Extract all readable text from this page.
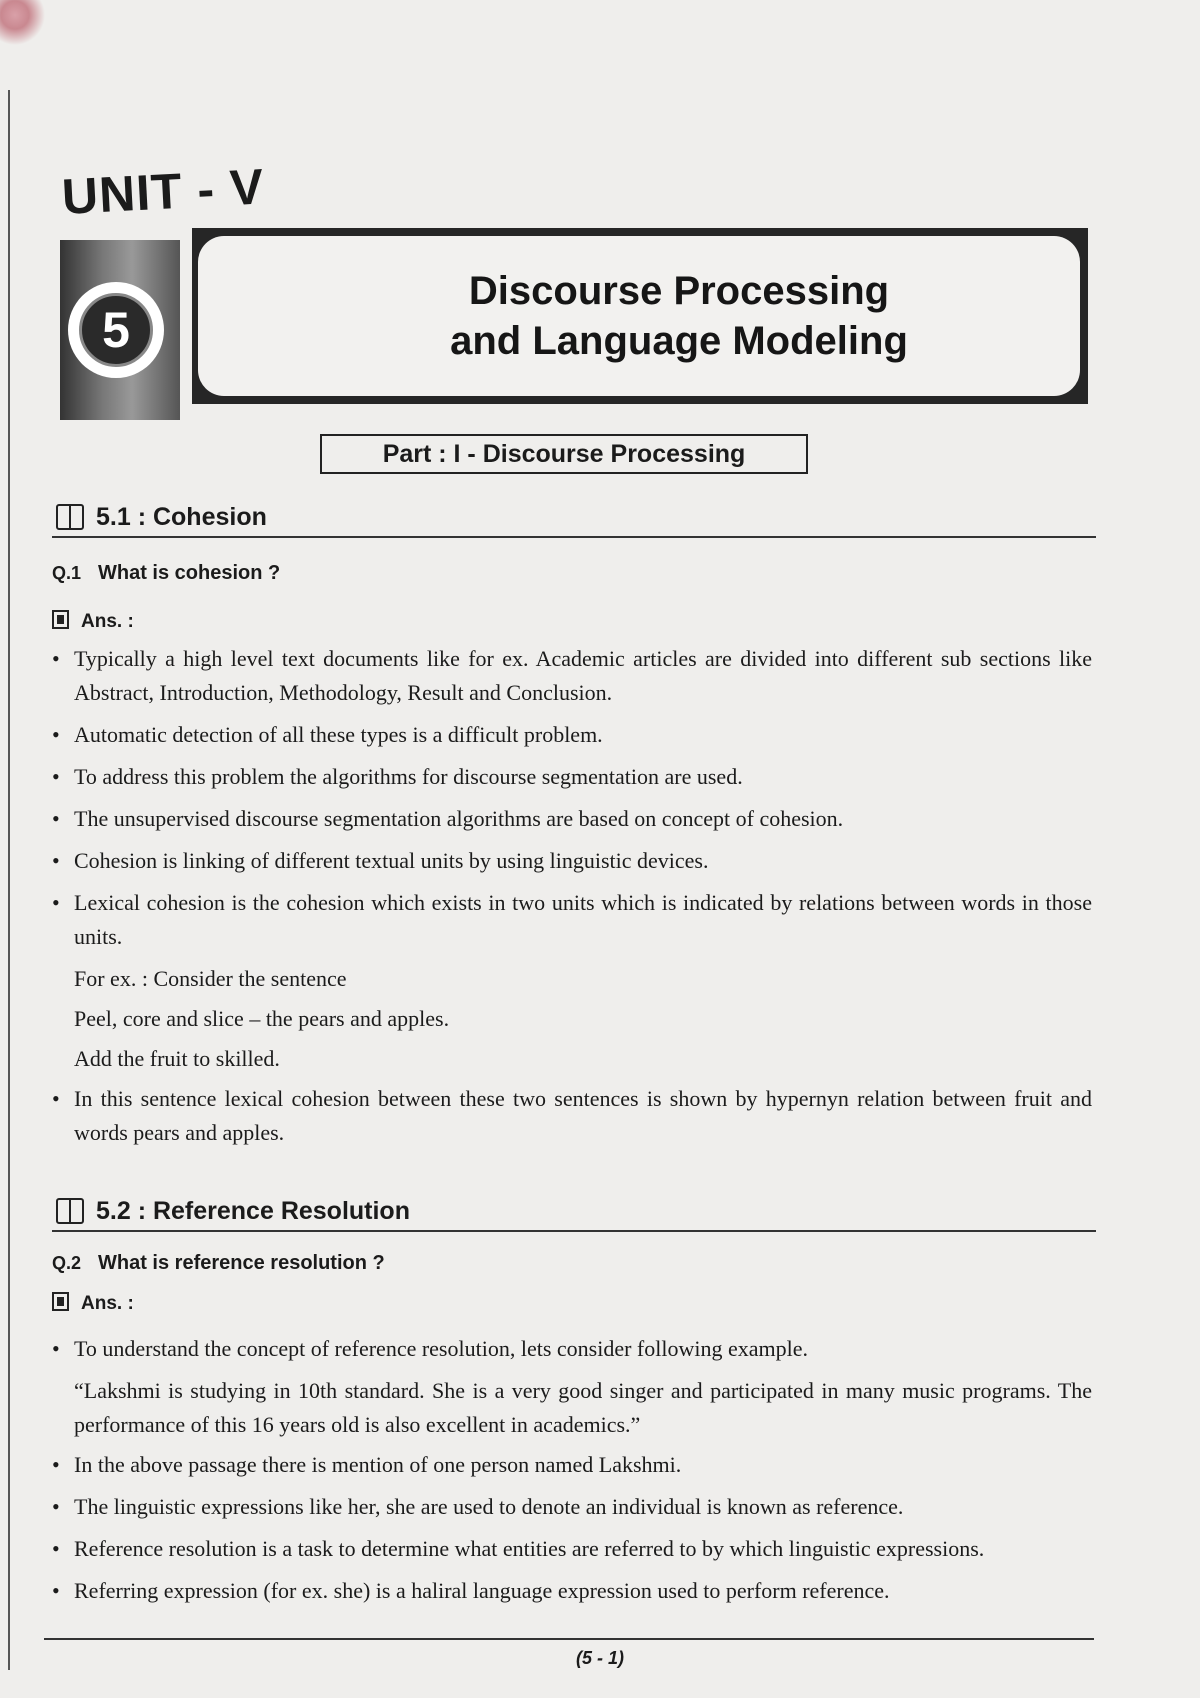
UNIT - V
5
Discourse Processing
and Language Modeling
Part : I - Discourse Processing
5.1 : Cohesion
Q.1 What is cohesion ?
Ans. :

• Typically a high level text documents like for ex. Academic articles are divided into different sub sections like Abstract, Introduction, Methodology, Result and Conclusion.

• Automatic detection of all these types is a difficult problem.

• To address this problem the algorithms for discourse segmentation are used.

• The unsupervised discourse segmentation algorithms are based on concept of cohesion.

• Cohesion is linking of different textual units by using linguistic devices.

• Lexical cohesion is the cohesion which exists in two units which is indicated by relations between words in those units.

For ex. : Consider the sentence

Peel, core and slice – the pears and apples.

Add the fruit to skilled.

• In this sentence lexical cohesion between these two sentences is shown by hypernyn relation between fruit and words pears and apples.

5.2 : Reference Resolution
Q.2 What is reference resolution ?
Ans. :

• To understand the concept of reference resolution, lets consider following example.

“Lakshmi is studying in 10th standard. She is a very good singer and participated in many music programs. The performance of this 16 years old is also excellent in academics.”

• In the above passage there is mention of one person named Lakshmi.

• The linguistic expressions like her, she are used to denote an individual is known as reference.

• Reference resolution is a task to determine what entities are referred to by which linguistic expressions.

• Referring expression (for ex. she) is a haliral language expression used to perform reference.

(5 - 1)
